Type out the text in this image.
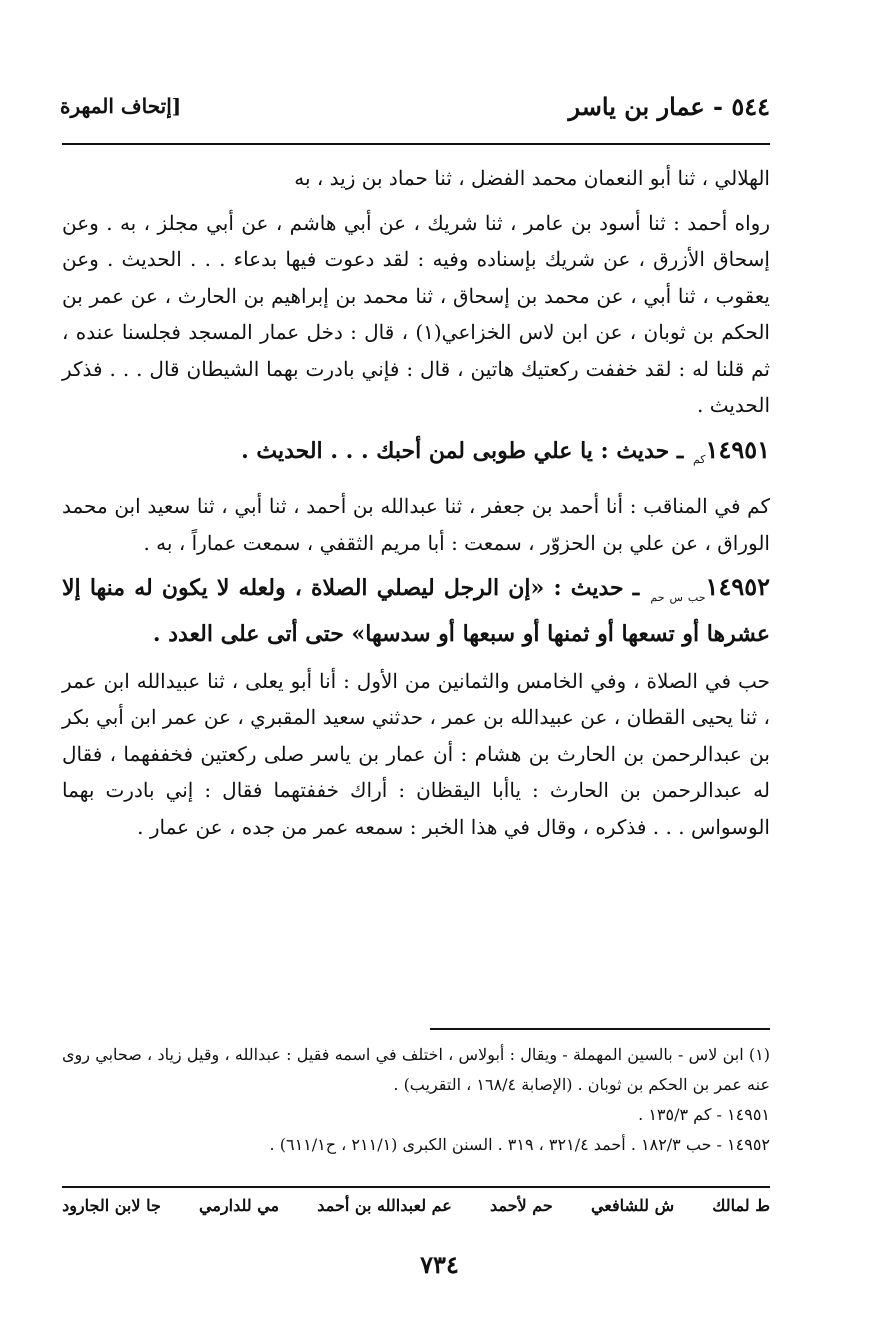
٥٤٤ - عمار بن ياسر
[إتحاف المهرة

الهلالي ، ثنا أبو النعمان محمد الفضل ، ثنا حماد بن زيد ، به

رواه أحمد : ثنا أسود بن عامر ، ثنا شريك ، عن أبي هاشم ، عن أبي مجلز ، به . وعن إسحاق الأزرق ، عن شريك بإسناده وفيه : لقد دعوت فيها بدعاء . . . الحديث . وعن يعقوب ، ثنا أبي ، عن محمد بن إسحاق ، ثنا محمد بن إبراهيم بن الحارث ، عن عمر بن الحكم بن ثوبان ، عن ابن لاس الخزاعي(١) ، قال : دخل عمار المسجد فجلسنا عنده ، ثم قلنا له : لقد خففت ركعتيك هاتين ، قال : فإني بادرت بهما الشيطان قال . . . فذكر الحديث .

$١٤٩٥١_{كم}$ ـ حديث : يا علي طوبى لمن أحبك . . . الحديث .

كم في المناقب : أنا أحمد بن جعفر ، ثنا عبدالله بن أحمد ، ثنا أبي ، ثنا سعيد ابن محمد الوراق ، عن علي بن الحزوّر ، سمعت : أبا مريم الثقفي ، سمعت عماراً ، به .

$١٤٩٥٢_{حب س حم}$ ـ حديث : «إن الرجل ليصلي الصلاة ، ولعله لا يكون له منها إلا عشرها أو تسعها أو ثمنها أو سبعها أو سدسها» حتى أتى على العدد .

حب في الصلاة ، وفي الخامس والثمانين من الأول : أنا أبو يعلى ، ثنا عبيدالله ابن عمر ، ثنا يحيى القطان ، عن عبيدالله بن عمر ، حدثني سعيد المقبري ، عن عمر ابن أبي بكر بن عبدالرحمن بن الحارث بن هشام : أن عمار بن ياسر صلى ركعتين فخففهما ، فقال له عبدالرحمن بن الحارث : ياأبا اليقظان : أراك خففتهما فقال : إني بادرت بهما الوسواس . . . فذكره ، وقال في هذا الخبر : سمعه عمر من جده ، عن عمار .

(١) ابن لاس - بالسين المهملة - ويقال : أبولاس ، اختلف في اسمه فقيل : عبدالله ، وقيل زياد ، صحابي روى عنه عمر بن الحكم بن ثوبان . (الإصابة ١٦٨/٤ ، التقريب) .

١٤٩٥١ - كم ١٣٥/٣ .

١٤٩٥٢ - حب ١٨٢/٣ . أحمد ٣٢١/٤ ، ٣١٩ . السنن الكبرى (٢١١/١ ، ح٦١١/١) .

ط لمالك
ش للشافعي
حم لأحمد
عم لعبدالله بن أحمد
مي للدارمي
جا لابن الجارود
٧٣٤
